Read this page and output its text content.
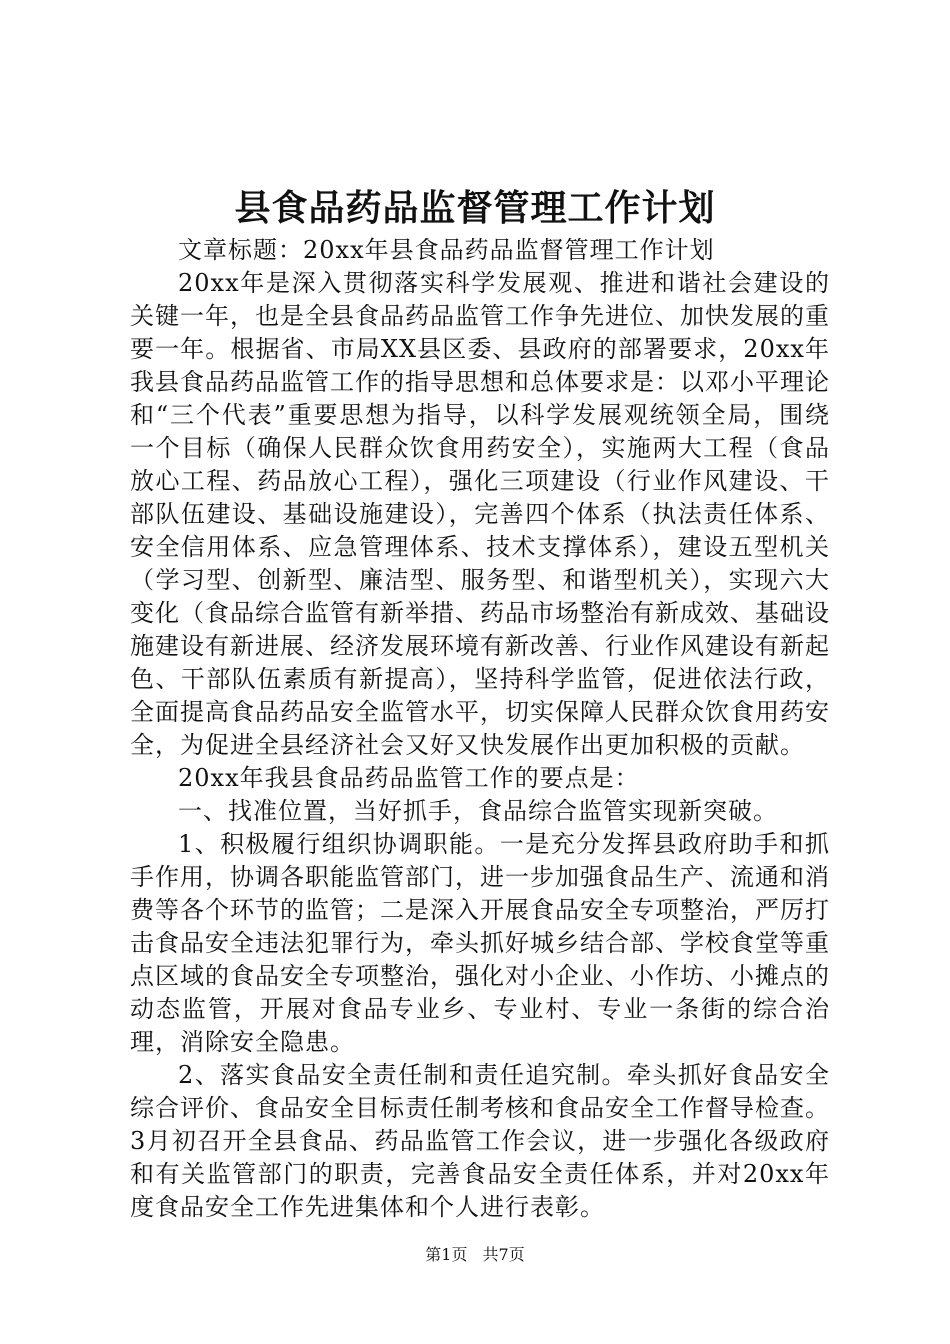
县食品药品监督管理工作计划

文章标题：20xx年县食品药品监督管理工作计划

20xx年是深入贯彻落实科学发展观、推进和谐社会建设的关键一年，也是全县食品药品监管工作争先进位、加快发展的重要一年。根据省、市局XX县区委、县政府的部署要求，20xx年我县食品药品监管工作的指导思想和总体要求是：以邓小平理论和“三个代表”重要思想为指导，以科学发展观统领全局，围绕一个目标（确保人民群众饮食用药安全），实施两大工程（食品放心工程、药品放心工程），强化三项建设（行业作风建设、干部队伍建设、基础设施建设），完善四个体系（执法责任体系、安全信用体系、应急管理体系、技术支撑体系），建设五型机关（学习型、创新型、廉洁型、服务型、和谐型机关），实现六大变化（食品综合监管有新举措、药品市场整治有新成效、基础设施建设有新进展、经济发展环境有新改善、行业作风建设有新起色、干部队伍素质有新提高），坚持科学监管，促进依法行政，全面提高食品药品安全监管水平，切实保障人民群众饮食用药安全，为促进全县经济社会又好又快发展作出更加积极的贡献。

20xx年我县食品药品监管工作的要点是：

一、找准位置，当好抓手，食品综合监管实现新突破。

1、积极履行组织协调职能。一是充分发挥县政府助手和抓手作用，协调各职能监管部门，进一步加强食品生产、流通和消费等各个环节的监管；二是深入开展食品安全专项整治，严厉打击食品安全违法犯罪行为，牵头抓好城乡结合部、学校食堂等重点区域的食品安全专项整治，强化对小企业、小作坊、小摊点的动态监管，开展对食品专业乡、专业村、专业一条街的综合治理，消除安全隐患。

2、落实食品安全责任制和责任追究制。牵头抓好食品安全综合评价、食品安全目标责任制考核和食品安全工作督导检查。3月初召开全县食品、药品监管工作会议，进一步强化各级政府和有关监管部门的职责，完善食品安全责任体系，并对20xx年度食品安全工作先进集体和个人进行表彰。

第1页 共7页
